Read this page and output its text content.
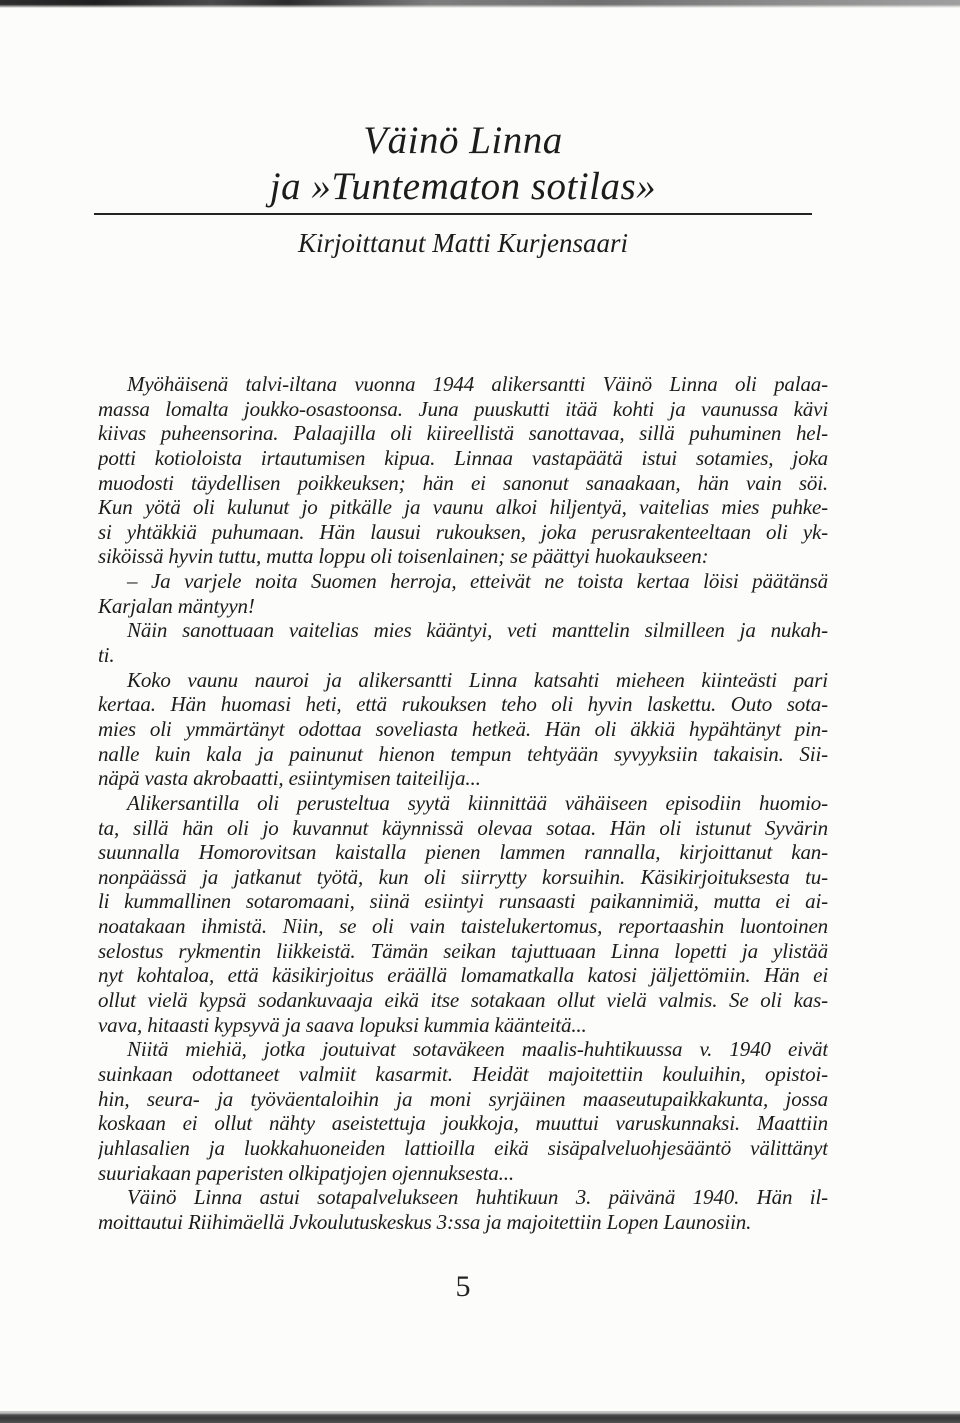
Väinö Linna
ja »Tuntematon sotilas»
Kirjoittanut Matti Kurjensaari
Myöhäisenä talvi-iltana vuonna 1944 alikersantti Väinö Linna oli palaa-
massa lomalta joukko-osastoonsa. Juna puuskutti itää kohti ja vaunussa kävi
kiivas puheensorina. Palaajilla oli kiireellistä sanottavaa, sillä puhuminen hel-
potti kotioloista irtautumisen kipua. Linnaa vastapäätä istui sotamies, joka
muodosti täydellisen poikkeuksen; hän ei sanonut sanaakaan, hän vain söi.
Kun yötä oli kulunut jo pitkälle ja vaunu alkoi hiljentyä, vaitelias mies puhke-
si yhtäkkiä puhumaan. Hän lausui rukouksen, joka perusrakenteeltaan oli yk-
siköissä hyvin tuttu, mutta loppu oli toisenlainen; se päättyi huokaukseen:
– Ja varjele noita Suomen herroja, etteivät ne toista kertaa löisi päätänsä
Karjalan mäntyyn!
Näin sanottuaan vaitelias mies kääntyi, veti manttelin silmilleen ja nukah-
ti.
Koko vaunu nauroi ja alikersantti Linna katsahti mieheen kiinteästi pari
kertaa. Hän huomasi heti, että rukouksen teho oli hyvin laskettu. Outo sota-
mies oli ymmärtänyt odottaa soveliasta hetkeä. Hän oli äkkiä hypähtänyt pin-
nalle kuin kala ja painunut hienon tempun tehtyään syvyyksiin takaisin. Sii-
näpä vasta akrobaatti, esiintymisen taiteilija...
Alikersantilla oli perusteltua syytä kiinnittää vähäiseen episodiin huomio-
ta, sillä hän oli jo kuvannut käynnissä olevaa sotaa. Hän oli istunut Syvärin
suunnalla Homorovitsan kaistalla pienen lammen rannalla, kirjoittanut kan-
nonpäässä ja jatkanut työtä, kun oli siirrytty korsuihin. Käsikirjoituksesta tu-
li kummallinen sotaromaani, siinä esiintyi runsaasti paikannimiä, mutta ei ai-
noatakaan ihmistä. Niin, se oli vain taistelukertomus, reportaashin luontoinen
selostus rykmentin liikkeistä. Tämän seikan tajuttuaan Linna lopetti ja ylistää
nyt kohtaloa, että käsikirjoitus eräällä lomamatkalla katosi jäljettömiin. Hän ei
ollut vielä kypsä sodankuvaaja eikä itse sotakaan ollut vielä valmis. Se oli kas-
vava, hitaasti kypsyvä ja saava lopuksi kummia käänteitä...
Niitä miehiä, jotka joutuivat sotaväkeen maalis-huhtikuussa v. 1940 eivät
suinkaan odottaneet valmiit kasarmit. Heidät majoitettiin kouluihin, opistoi-
hin, seura- ja työväentaloihin ja moni syrjäinen maaseutupaikkakunta, jossa
koskaan ei ollut nähty aseistettuja joukkoja, muuttui varuskunnaksi. Maattiin
juhlasalien ja luokkahuoneiden lattioilla eikä sisäpalveluohjesääntö välittänyt
suuriakaan paperisten olkipatjojen ojennuksesta...
Väinö Linna astui sotapalvelukseen huhtikuun 3. päivänä 1940. Hän il-
moittautui Riihimäellä Jvkoulutuskeskus 3:ssa ja majoitettiin Lopen Launosiin.
5
